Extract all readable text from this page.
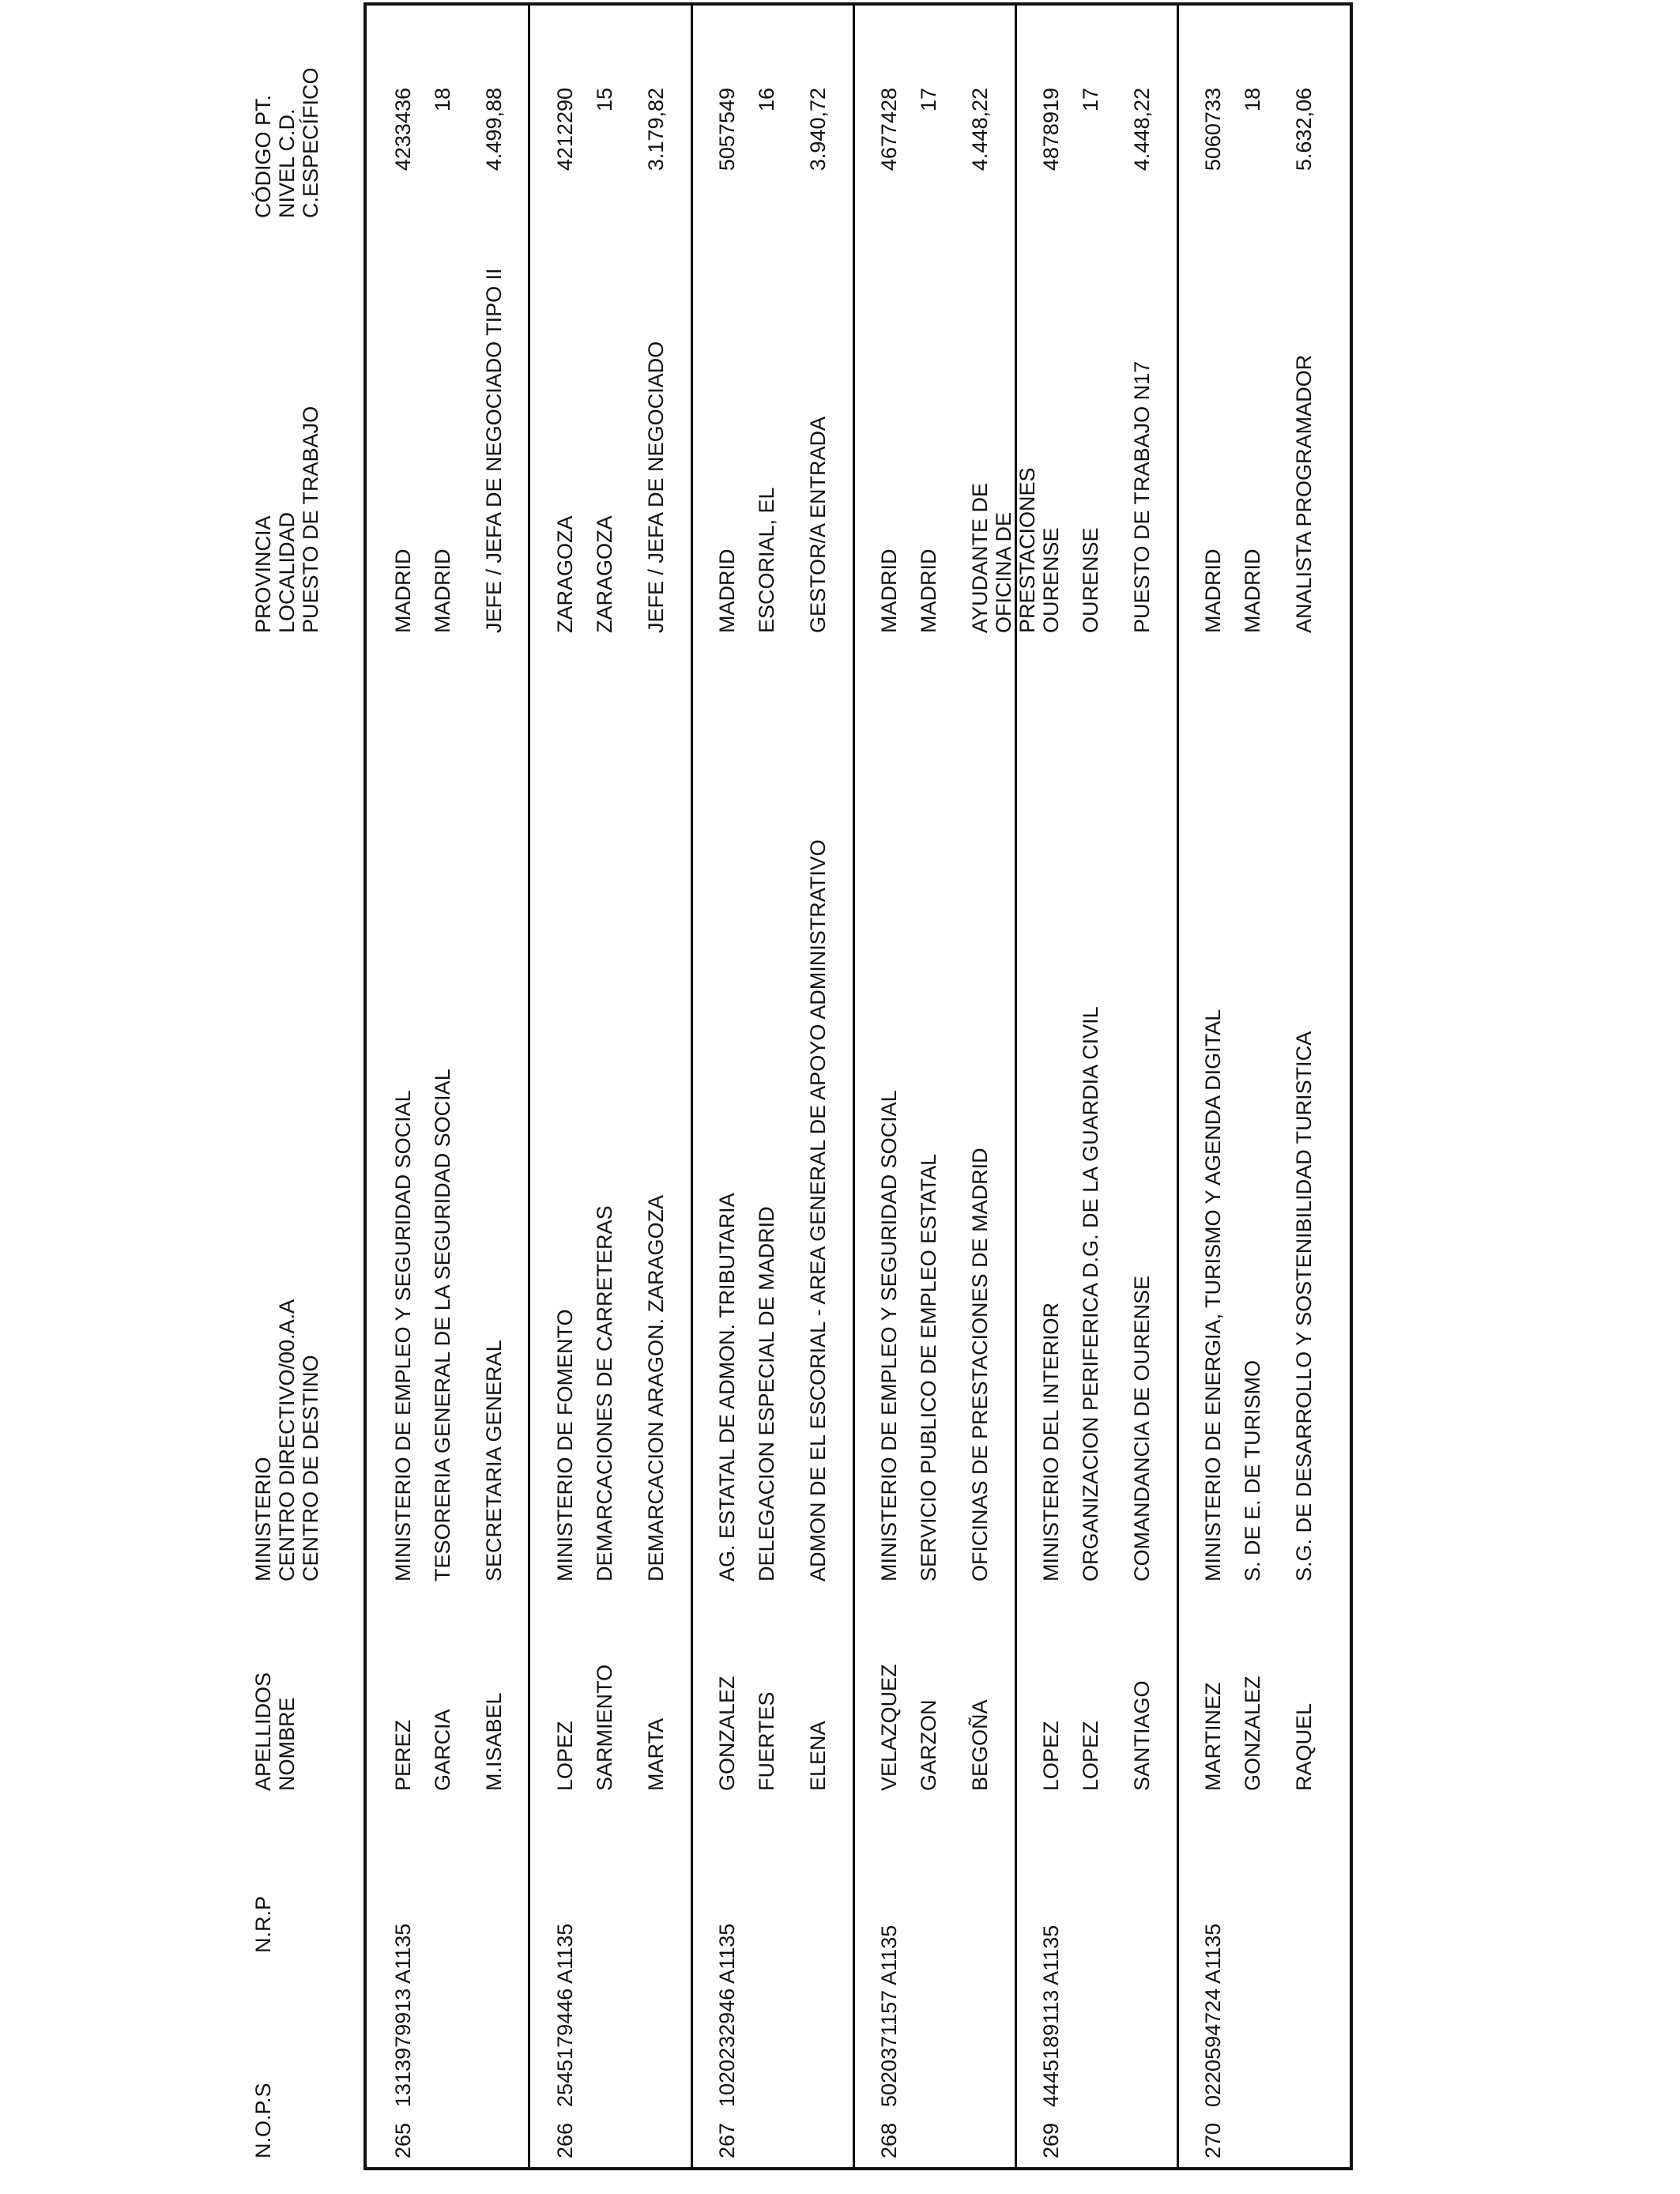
N.O.P.S
N.R.P
APELLIDOS NOMBRE
MINISTERIO CENTRO DIRECTIVO/00.A.A CENTRO DE DESTINO
PROVINCIA LOCALIDAD PUESTO DE TRABAJO
CÓDIGO PT. NIVEL C.D. C.ESPECÍFICO
265
1313979913 A1135
PEREZ GARCIA M.ISABEL
MINISTERIO DE EMPLEO Y SEGURIDAD SOCIAL TESORERIA GENERAL DE LA SEGURIDAD SOCIAL SECRETARIA GENERAL
MADRID MADRID JEFE / JEFA DE NEGOCIADO TIPO II
4233436 18 4.499,88
266
2545179446 A1135
LOPEZ SARMIENTO MARTA
MINISTERIO DE FOMENTO DEMARCACIONES DE CARRETERAS DEMARCACION ARAGON. ZARAGOZA
ZARAGOZA ZARAGOZA JEFE / JEFA DE NEGOCIADO
4212290 15 3.179,82
267
1020232946 A1135
GONZALEZ FUERTES ELENA
AG. ESTATAL DE ADMON. TRIBUTARIA DELEGACION ESPECIAL DE MADRID ADMON DE EL ESCORIAL - AREA GENERAL DE APOYO ADMINISTRATIVO
MADRID ESCORIAL, EL GESTOR/A ENTRADA
5057549 16 3.940,72
268
5020371157 A1135
VELAZQUEZ GARZON BEGOÑA
MINISTERIO DE EMPLEO Y SEGURIDAD SOCIAL SERVICIO PUBLICO DE EMPLEO ESTATAL OFICINAS DE PRESTACIONES DE MADRID
MADRID MADRID AYUDANTE DE OFICINA DE PRESTACIONES
4677428 17 4.448,22
269
4445189113 A1135
LOPEZ LOPEZ SANTIAGO
MINISTERIO DEL INTERIOR ORGANIZACION PERIFERICA D.G. DE LA GUARDIA CIVIL COMANDANCIA DE OURENSE
OURENSE OURENSE PUESTO DE TRABAJO N17
4878919 17 4.448,22
270
0220594724 A1135
MARTINEZ GONZALEZ RAQUEL
MINISTERIO DE ENERGIA, TURISMO Y AGENDA DIGITAL S. DE E. DE TURISMO S.G. DE DESARROLLO Y SOSTENIBILIDAD TURISTICA
MADRID MADRID ANALISTA PROGRAMADOR
5060733 18 5.632,06
